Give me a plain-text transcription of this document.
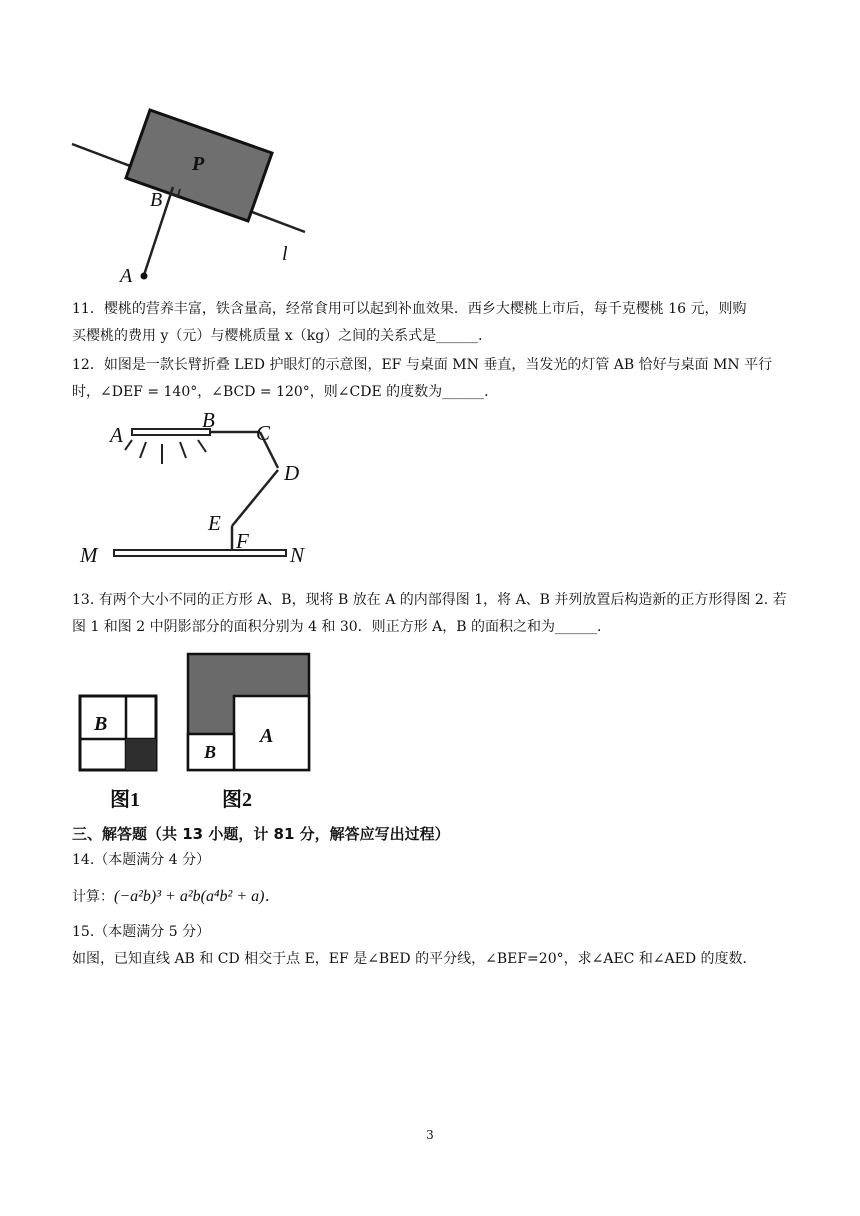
P
B
A
l
11．樱桃的营养丰富，铁含量高，经常食用可以起到补血效果．西乡大樱桃上市后，每千克樱桃 16 元，则购
买樱桃的费用 y（元）与樱桃质量 x（kg）之间的关系式是______．
12．如图是一款长臂折叠 LED 护眼灯的示意图，EF 与桌面 MN 垂直，当发光的灯管 AB 恰好与桌面 MN 平行
时，∠DEF = 140°，∠BCD = 120°，则∠CDE 的度数为______．
A
B
C
D
E
F
M	N
13. 有两个大小不同的正方形 A、B，现将 B 放在 A 的内部得图 1，将 A、B 并列放置后构造新的正方形得图 2. 若
图 1 和图 2 中阴影部分的面积分别为 4 和 30．则正方形 A，B 的面积之和为______．
B
图1
A
B
图2
三、解答题（共 13 小题，计 81 分，解答应写出过程）
14.（本题满分 4 分）
计算：(−a²b)³ + a²b(a⁴b² + a)．
15.（本题满分 5 分）
如图，已知直线 AB 和 CD 相交于点 E，EF 是∠BED 的平分线，∠BEF=20°，求∠AEC 和∠AED 的度数．
3
